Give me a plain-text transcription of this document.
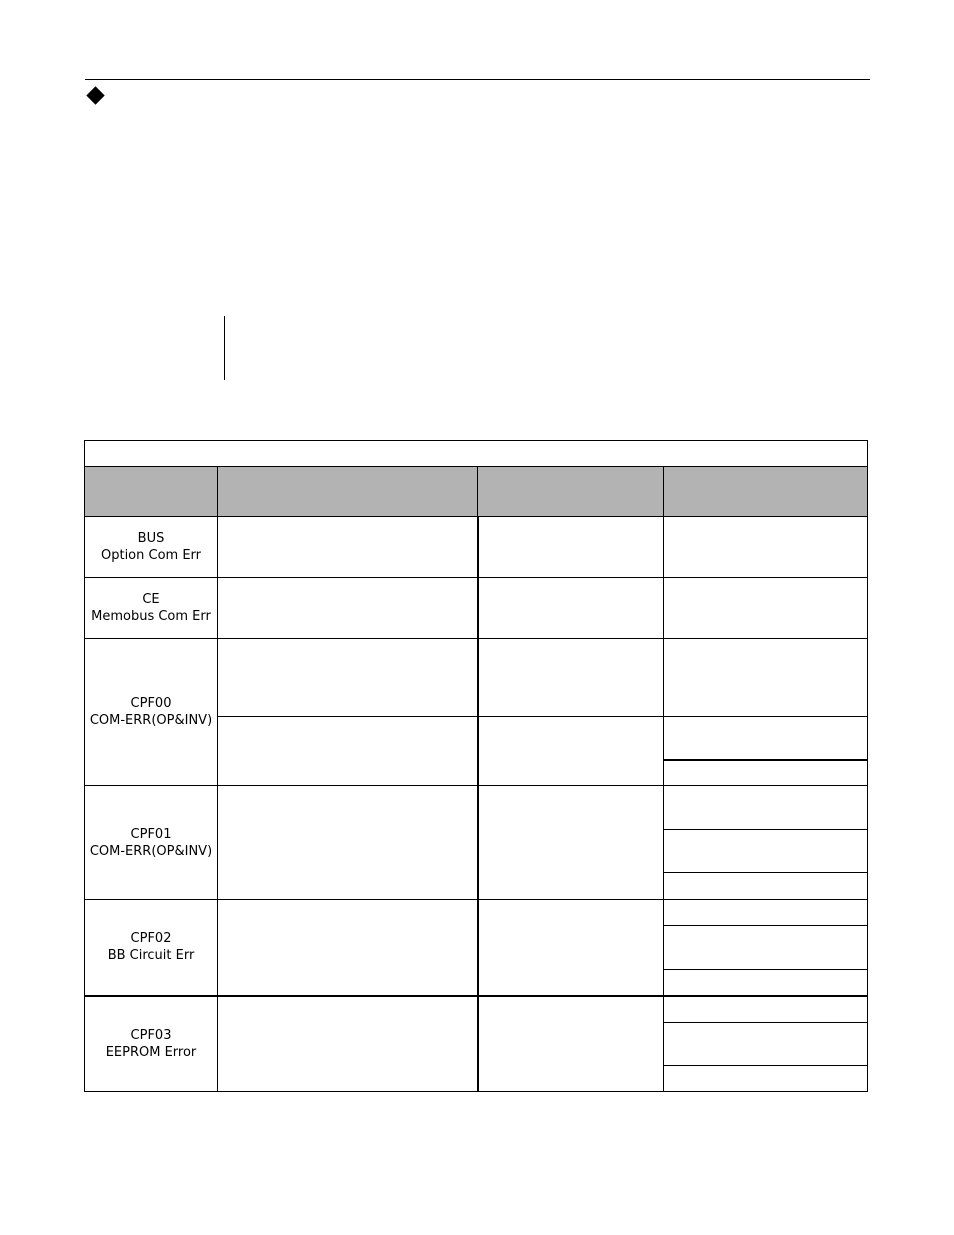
BUS
Option Com Err			

CE
Memobus Com Err			

CPF00
COM-ERR(OP&INV)			

CPF01
COM-ERR(OP&INV)			

CPF02
BB Circuit Err			

CPF03
EEPROM Error			
